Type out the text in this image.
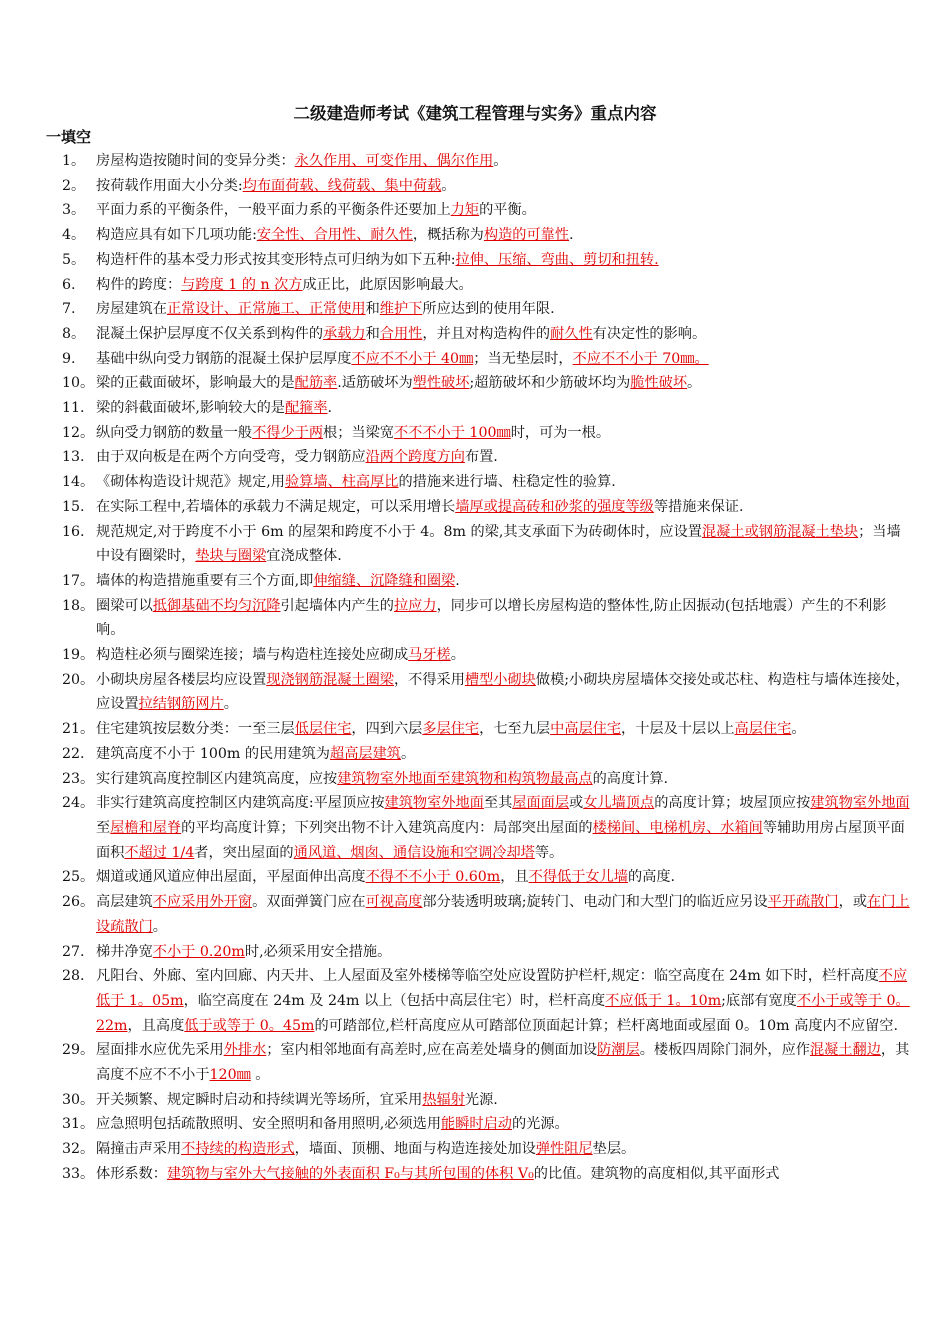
二级建造师考试《建筑工程管理与实务》重点内容
一填空
1。 房屋构造按随时间的变异分类：永久作用、可变作用、偶尔作用。
2。 按荷载作用面大小分类:均布面荷载、线荷载、集中荷载。
3。 平面力系的平衡条件，一般平面力系的平衡条件还要加上力矩的平衡。
4。 构造应具有如下几项功能:安全性、合用性、耐久性，概括称为构造的可靠性.
5。 构造杆件的基本受力形式按其变形特点可归纳为如下五种:拉伸、压缩、弯曲、剪切和扭转.
6. 构件的跨度：与跨度 1 的 n 次方成正比，此原因影响最大。
7. 房屋建筑在正常设计、正常施工、正常使用和维护下所应达到的使用年限.
8。 混凝土保护层厚度不仅关系到构件的承载力和合用性，并且对构造构件的耐久性有决定性的影响。
9. 基础中纵向受力钢筋的混凝土保护层厚度不应不不小于 40㎜；当无垫层时，不应不不小于 70㎜。
10。 梁的正截面破坏，影响最大的是配筋率.适筋破坏为塑性破坏;超筋破坏和少筋破坏均为脆性破坏。
11. 梁的斜截面破坏,影响较大的是配箍率.
12。 纵向受力钢筋的数量一般不得少于两根；当梁宽不不不小于 100㎜时，可为一根。
13. 由于双向板是在两个方向受弯，受力钢筋应沿两个跨度方向布置.
14。 《砌体构造设计规范》规定,用验算墙、柱高厚比的措施来进行墙、柱稳定性的验算.
15. 在实际工程中,若墙体的承载力不满足规定，可以采用增长墙厚或提高砖和砂浆的强度等级等措施来保证.
16. 规范规定,对于跨度不小于 6m 的屋架和跨度不小于 4。8m 的梁,其支承面下为砖砌体时，应设置混凝土或钢筋混凝土垫块；当墙中设有圈梁时，垫块与圈梁宜浇成整体.
17。 墙体的构造措施重要有三个方面,即伸缩缝、沉降缝和圈梁.
18。 圈梁可以抵御基础不均匀沉降引起墙体内产生的拉应力，同步可以增长房屋构造的整体性,防止因振动(包括地震）产生的不利影响。
19。 构造柱必须与圈梁连接；墙与构造柱连接处应砌成马牙槎。
20。 小砌块房屋各楼层均应设置现浇钢筋混凝土圈梁，不得采用槽型小砌块做模;小砌块房屋墙体交接处或芯柱、构造柱与墙体连接处，应设置拉结钢筋网片。
21。 住宅建筑按层数分类：一至三层低层住宅，四到六层多层住宅，七至九层中高层住宅，十层及十层以上高层住宅。
22. 建筑高度不小于 100m 的民用建筑为超高层建筑。
23。 实行建筑高度控制区内建筑高度，应按建筑物室外地面至建筑物和构筑物最高点的高度计算.
24。 非实行建筑高度控制区内建筑高度:平屋顶应按建筑物室外地面至其屋面面层或女儿墙顶点的高度计算；坡屋顶应按建筑物室外地面至屋檐和屋脊的平均高度计算；下列突出物不计入建筑高度内：局部突出屋面的楼梯间、电梯机房、水箱间等辅助用房占屋顶平面面积不超过 1/4者，突出屋面的通风道、烟囱、通信设施和空调冷却塔等。
25。 烟道或通风道应伸出屋面，平屋面伸出高度不得不不小于 0.60m，且不得低于女儿墙的高度.
26。 高层建筑不应采用外开窗。双面弹簧门应在可视高度部分装透明玻璃;旋转门、电动门和大型门的临近应另设平开疏散门，或在门上设疏散门。
27. 梯井净宽不小于 0.20m时,必须采用安全措施。
28. 凡阳台、外廊、室内回廊、内天井、上人屋面及室外楼梯等临空处应设置防护栏杆,规定：临空高度在 24m 如下时，栏杆高度不应低于 1。05m，临空高度在 24m 及 24m 以上（包括中高层住宅）时，栏杆高度不应低于 1。10m;底部有宽度不小于或等于 0。22m，且高度低于或等于 0。45m的可踏部位,栏杆高度应从可踏部位顶面起计算；栏杆离地面或屋面 0。10m 高度内不应留空.
29。 屋面排水应优先采用外排水；室内相邻地面有高差时,应在高差处墙身的侧面加设防潮层。楼板四周除门洞外，应作混凝土翻边，其高度不应不不小于120㎜ 。
30。 开关频繁、规定瞬时启动和持续调光等场所，宜采用热辐射光源.
31。 应急照明包括疏散照明、安全照明和备用照明,必须选用能瞬时启动的光源。
32。 隔撞击声采用不持续的构造形式，墙面、顶棚、地面与构造连接处加设弹性阻尼垫层。
33。 体形系数：建筑物与室外大气接触的外表面积 F₀与其所包围的体积 V₀的比值。建筑物的高度相似,其平面形式
